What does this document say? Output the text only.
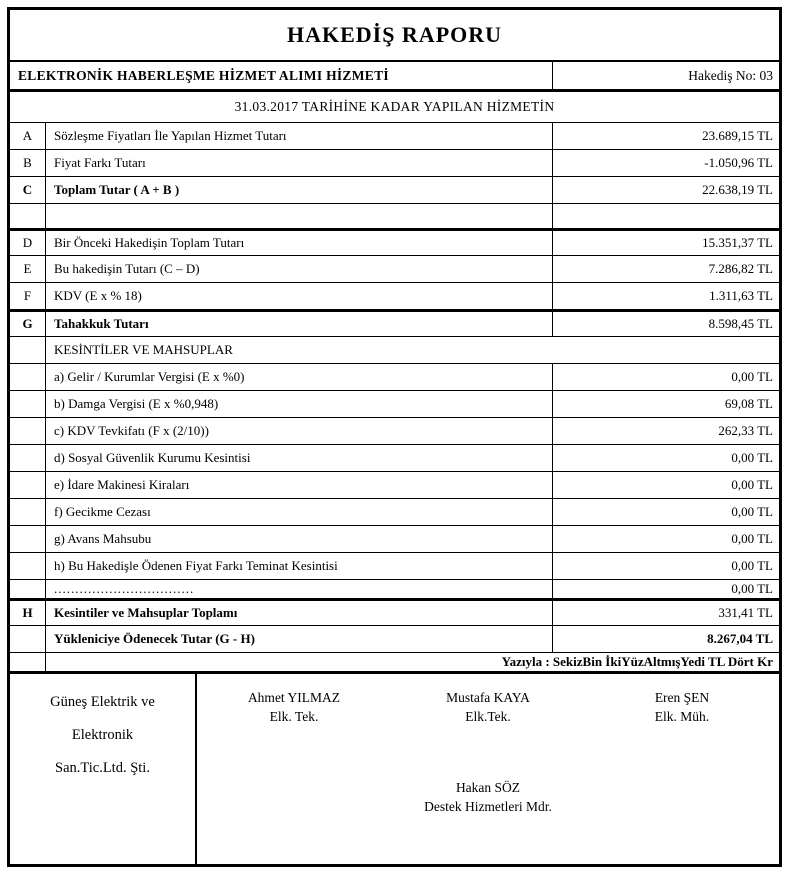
HAKEDİŞ RAPORU
ELEKTRONİK HABERLEŞME HİZMET ALIMI HİZMETİ	Hakediş No: 03
31.03.2017 TARİHİNE KADAR YAPILAN HİZMETİN
A	Sözleşme Fiyatları İle Yapılan Hizmet Tutarı	23.689,15 TL
B	Fiyat Farkı Tutarı	-1.050,96 TL
C	Toplam Tutar ( A + B )	22.638,19 TL
D	Bir Önceki Hakedişin Toplam Tutarı	15.351,37 TL
E	Bu hakedişin Tutarı (C – D)	7.286,82 TL
F	KDV (E x % 18)	1.311,63 TL
G	Tahakkuk Tutarı	8.598,45 TL
KESİNTİLER VE MAHSUPLAR
a) Gelir / Kurumlar Vergisi (E x %0)	0,00 TL
b) Damga Vergisi (E x %0,948)	69,08 TL
c) KDV Tevkifatı (F x (2/10))	262,33 TL
d) Sosyal Güvenlik Kurumu Kesintisi	0,00 TL
e) İdare Makinesi Kiraları	0,00 TL
f) Gecikme Cezası	0,00 TL
g) Avans Mahsubu	0,00 TL
h) Bu Hakedişle Ödenen Fiyat Farkı Teminat Kesintisi	0,00 TL
.................................	0,00 TL
H	Kesintiler ve Mahsuplar Toplamı	331,41 TL
Yükleniciye Ödenecek Tutar (G - H)	8.267,04 TL
Yazıyla : SekizBin İkiYüzAltmışYedi TL Dört Kr
Güneş Elektrik ve
Elektronik
San.Tic.Ltd. Şti.
Ahmet YILMAZ
Elk. Tek.
Mustafa KAYA
Elk.Tek.
Eren ŞEN
Elk. Müh.
Hakan SÖZ
Destek Hizmetleri Mdr.
